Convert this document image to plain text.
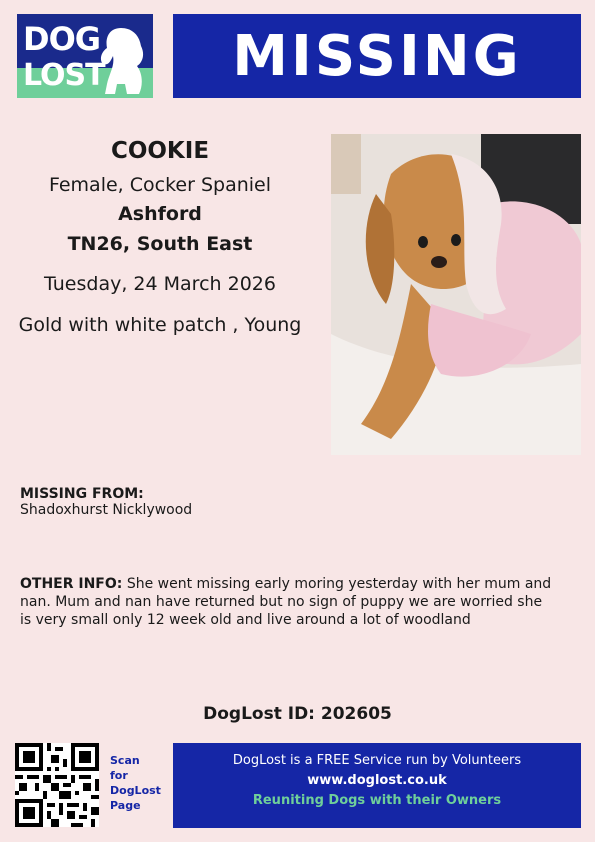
DOG
LOST	MISSING
COOKIE
Female, Cocker Spaniel
Ashford
TN26, South East
Tuesday, 24 March 2026
Gold with white patch , Young
MISSING FROM:
Shadoxhurst Nicklywood
OTHER INFO: She went missing early moring yesterday with her mum and nan. Mum and nan have returned but no sign of puppy we are worried she is very small only 12 week old and live around a lot of woodland
DogLost ID: 202605
Scan
for
DogLost
Page
DogLost is a FREE Service run by Volunteers
www.doglost.co.uk
Reuniting Dogs with their Owners
